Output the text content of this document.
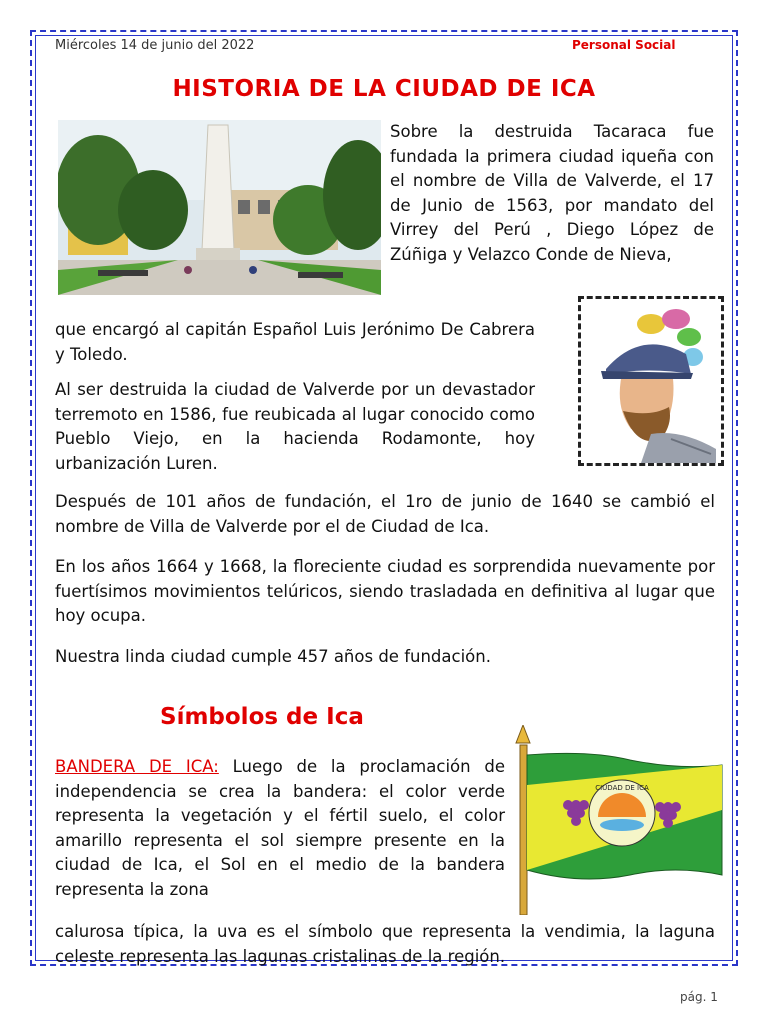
Miércoles 14 de junio del 2022	Personal Social
HISTORIA DE LA CIUDAD DE ICA

Sobre la destruida Tacaraca fue fundada la primera ciudad iqueña con el nombre de Villa de Valverde, el 17 de Junio de 1563, por mandato del Virrey del Perú , Diego López de Zúñiga y Velazco Conde de Nieva,

que encargó al capitán Español Luis Jerónimo De Cabrera y Toledo.

Al ser destruida la ciudad de Valverde por un devastador terremoto en 1586, fue reubicada al lugar conocido como Pueblo Viejo, en la hacienda Rodamonte, hoy urbanización Luren.

Después de 101 años de fundación, el 1ro de junio de 1640 se cambió el nombre de Villa de Valverde por el de Ciudad de Ica.

En los años 1664 y 1668, la floreciente ciudad es sorprendida nuevamente por fuertísimos movimientos telúricos, siendo trasladada en definitiva al lugar que hoy ocupa.

Nuestra linda ciudad cumple 457 años de fundación.

Símbolos de Ica

BANDERA DE ICA: Luego de la proclamación de independencia se crea la bandera: el color verde representa la vegetación y el fértil suelo, el color amarillo representa el sol siempre presente en la ciudad de Ica, el Sol en el medio de la bandera representa la zona

CIUDAD DE ICA

calurosa típica, la uva es el símbolo que representa la vendimia, la laguna celeste representa las lagunas cristalinas de la región.

pág. 1
